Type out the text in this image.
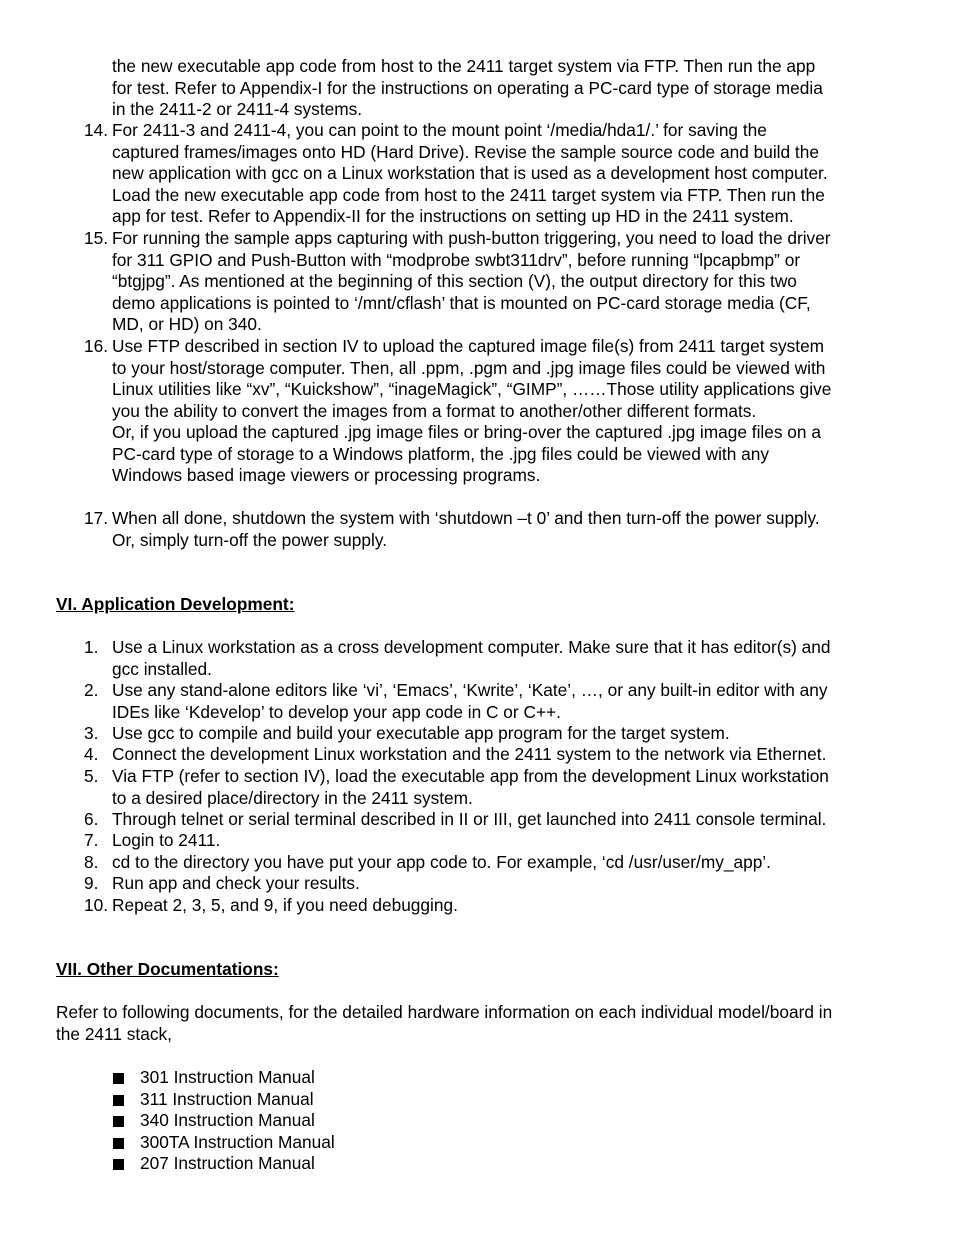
the new executable app code from host to the 2411 target system via FTP. Then run the app
for test. Refer to Appendix-I for the instructions on operating a PC-card type of storage media
in the 2411-2 or 2411-4 systems.
14. For 2411-3 and 2411-4, you can point to the mount point ‘/media/hda1/.’ for saving the
captured frames/images onto HD (Hard Drive). Revise the sample source code and build the
new application with gcc on a Linux workstation that is used as a development host computer.
Load the new executable app code from host to the 2411 target system via FTP. Then run the
app for test. Refer to Appendix-II for the instructions on setting up HD in the 2411 system.
15. For running the sample apps capturing with push-button triggering, you need to load the driver
for 311 GPIO and Push-Button with “modprobe swbt311drv”, before running “lpcapbmp” or
“btgjpg”. As mentioned at the beginning of this section (V), the output directory for this two
demo applications is pointed to ‘/mnt/cflash’ that is mounted on PC-card storage media (CF,
MD, or HD) on 340.
16. Use FTP described in section IV to upload the captured image file(s) from 2411 target system
to your host/storage computer. Then, all .ppm, .pgm and .jpg image files could be viewed with
Linux utilities like “xv”, “Kuickshow”, “inageMagick”, “GIMP”, ……Those utility applications give
you the ability to convert the images from a format to another/other different formats.
Or, if you upload the captured .jpg image files or bring-over the captured .jpg image files on a
PC-card type of storage to a Windows platform, the .jpg files could be viewed with any
Windows based image viewers or processing programs.
17. When all done, shutdown the system with ‘shutdown –t 0’ and then turn-off the power supply.
Or, simply turn-off the power supply.
VI. Application Development:
1. Use a Linux workstation as a cross development computer. Make sure that it has editor(s) and
gcc installed.
2. Use any stand-alone editors like ‘vi’, ‘Emacs’, ‘Kwrite’, ‘Kate’, …, or any built-in editor with any
IDEs like ‘Kdevelop’ to develop your app code in C or C++.
3. Use gcc to compile and build your executable app program for the target system.
4. Connect the development Linux workstation and the 2411 system to the network via Ethernet.
5. Via FTP (refer to section IV), load the executable app from the development Linux workstation
to a desired place/directory in the 2411 system.
6. Through telnet or serial terminal described in II or III, get launched into 2411 console terminal.
7. Login to 2411.
8. cd to the directory you have put your app code to. For example, ‘cd /usr/user/my_app’.
9. Run app and check your results.
10. Repeat 2, 3, 5, and 9, if you need debugging.
VII. Other Documentations:
Refer to following documents, for the detailed hardware information on each individual model/board in
the 2411 stack,
301 Instruction Manual
311 Instruction Manual
340 Instruction Manual
300TA Instruction Manual
207 Instruction Manual
